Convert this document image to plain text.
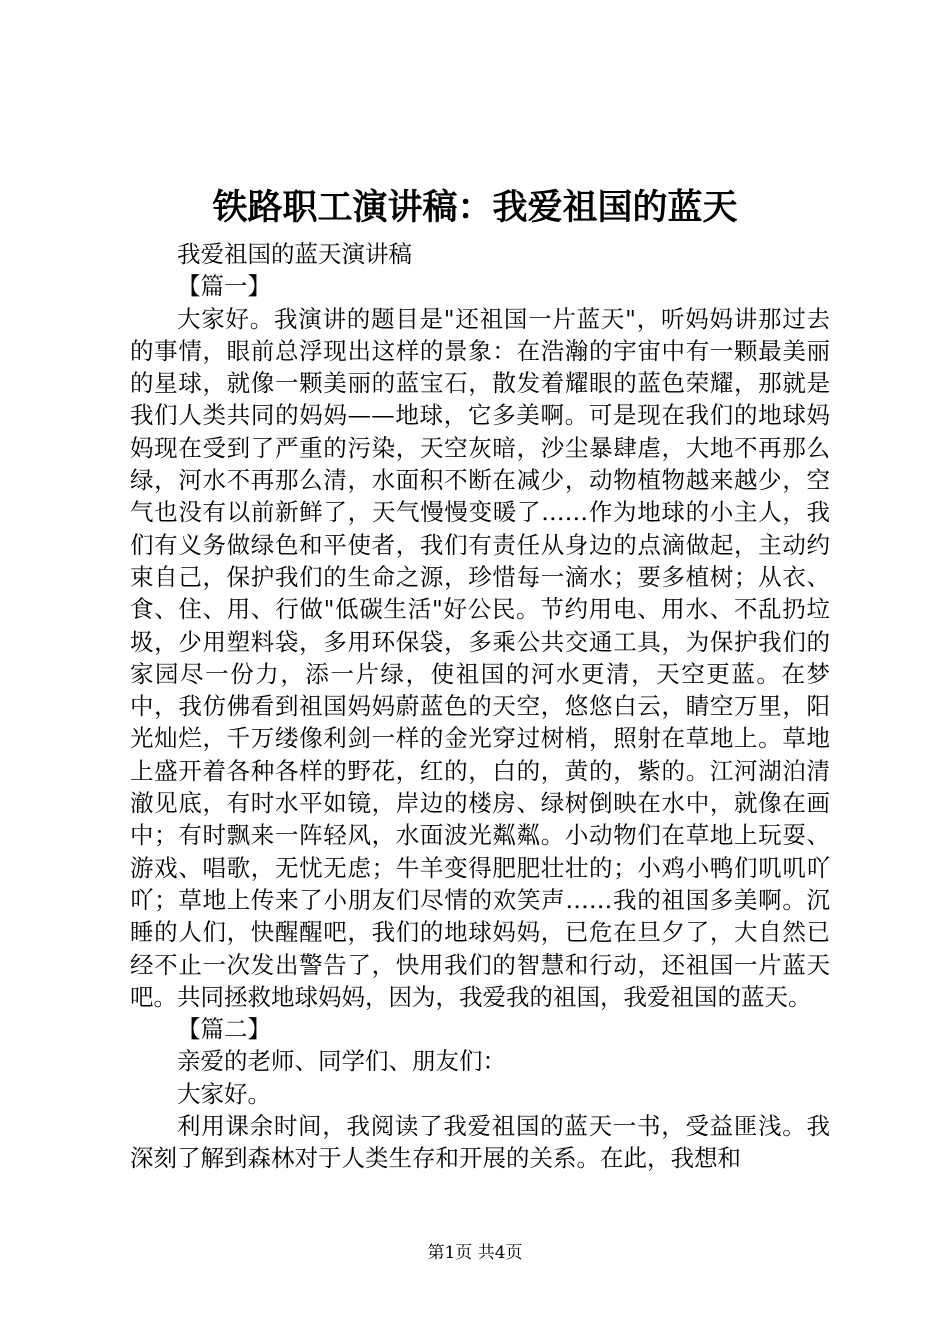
铁路职工演讲稿：我爱祖国的蓝天

我爱祖国的蓝天演讲稿

【篇一】

大家好。我演讲的题目是"还祖国一片蓝天"，听妈妈讲那过去的事情，眼前总浮现出这样的景象：在浩瀚的宇宙中有一颗最美丽的星球，就像一颗美丽的蓝宝石，散发着耀眼的蓝色荣耀，那就是我们人类共同的妈妈——地球，它多美啊。可是现在我们的地球妈妈现在受到了严重的污染，天空灰暗，沙尘暴肆虐，大地不再那么绿，河水不再那么清，水面积不断在减少，动物植物越来越少，空气也没有以前新鲜了，天气慢慢变暖了……作为地球的小主人，我们有义务做绿色和平使者，我们有责任从身边的点滴做起，主动约束自己，保护我们的生命之源，珍惜每一滴水；要多植树；从衣、食、住、用、行做"低碳生活"好公民。节约用电、用水、不乱扔垃圾，少用塑料袋，多用环保袋，多乘公共交通工具，为保护我们的家园尽一份力，添一片绿，使祖国的河水更清，天空更蓝。在梦中，我仿佛看到祖国妈妈蔚蓝色的天空，悠悠白云，睛空万里，阳光灿烂，千万缕像利剑一样的金光穿过树梢，照射在草地上。草地上盛开着各种各样的野花，红的，白的，黄的，紫的。江河湖泊清澈见底，有时水平如镜，岸边的楼房、绿树倒映在水中，就像在画中；有时飘来一阵轻风，水面波光粼粼。小动物们在草地上玩耍、游戏、唱歌，无忧无虑；牛羊变得肥肥壮壮的；小鸡小鸭们叽叽吖吖；草地上传来了小朋友们尽情的欢笑声……我的祖国多美啊。沉睡的人们，快醒醒吧，我们的地球妈妈，已危在旦夕了，大自然已经不止一次发出警告了，快用我们的智慧和行动，还祖国一片蓝天吧。共同拯救地球妈妈，因为，我爱我的祖国，我爱祖国的蓝天。

【篇二】

亲爱的老师、同学们、朋友们：

大家好。

利用课余时间，我阅读了我爱祖国的蓝天一书，受益匪浅。我深刻了解到森林对于人类生存和开展的关系。在此，我想和

第1页 共4页
